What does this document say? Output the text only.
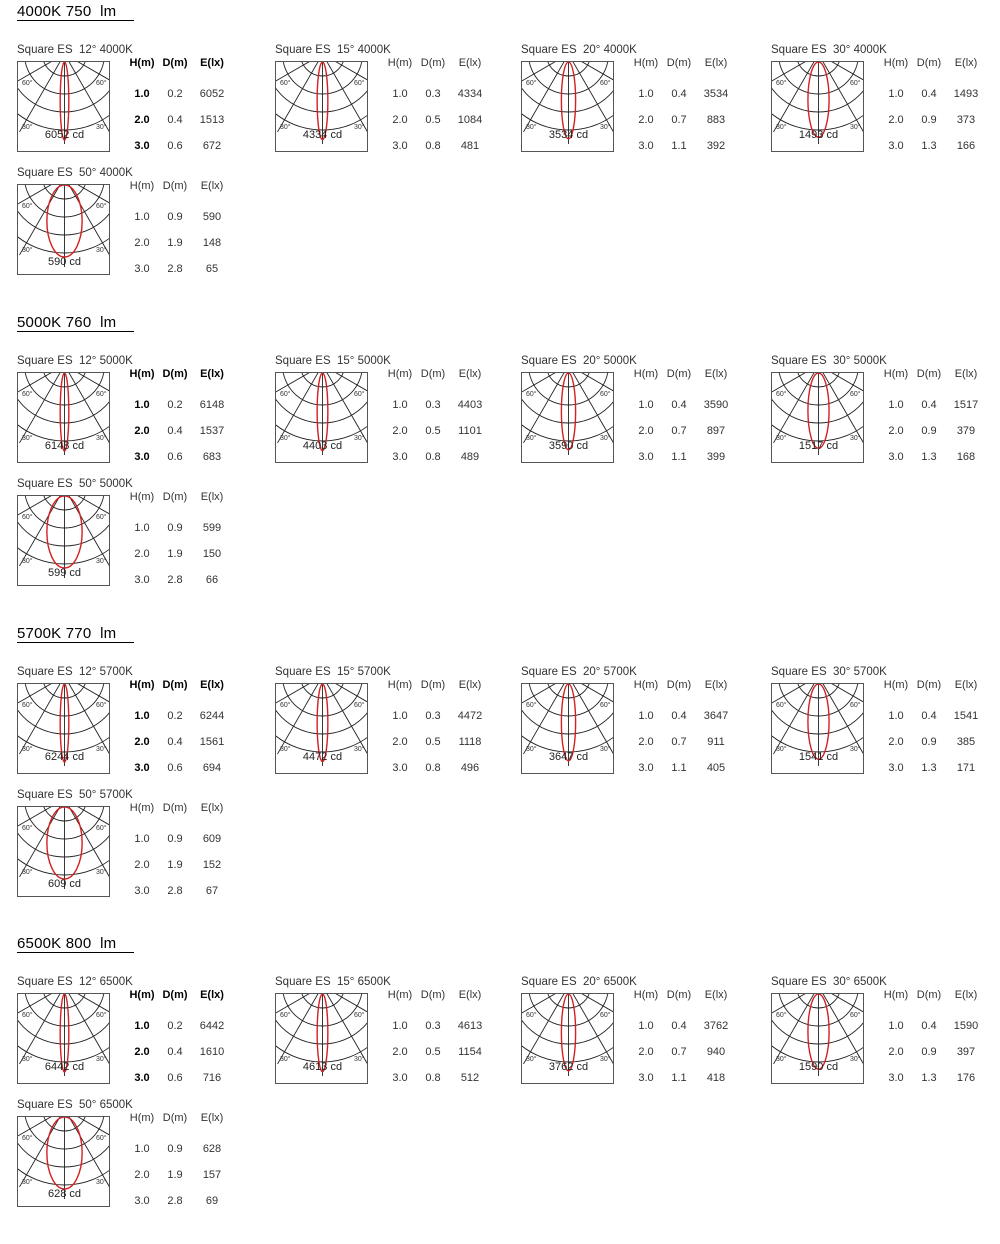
4000K 750  lm
Square ES  12° 4000K
60°	60°
30°	30°
6052 cd
H(m) D(m)	E(lx)
1.0	0.2	6052
2.0	0.4	1513
3.0	0.6	672
Square ES  15° 4000K
60°	60°
30°	30°
4334 cd
H(m) D(m)	E(lx)
1.0	0.3	4334
2.0	0.5	1084
3.0	0.8	481
Square ES  20° 4000K
60°	60°
30°	30°
3534 cd
H(m) D(m)	E(lx)
1.0	0.4	3534
2.0	0.7	883
3.0	1.1	392
Square ES  30° 4000K
60°	60°
30°	30°
1493 cd
H(m) D(m)	E(lx)
1.0	0.4	1493
2.0	0.9	373
3.0	1.3	166
Square ES  50° 4000K
60°	60°
30°	30°
590 cd
H(m) D(m)	E(lx)
1.0	0.9	590
2.0	1.9	148
3.0	2.8	65
5000K 760  lm
Square ES  12° 5000K
60°	60°
30°	30°
6148 cd
H(m) D(m)	E(lx)
1.0	0.2	6148
2.0	0.4	1537
3.0	0.6	683
Square ES  15° 5000K
60°	60°
30°	30°
4403 cd
H(m) D(m)	E(lx)
1.0	0.3	4403
2.0	0.5	1101
3.0	0.8	489
Square ES  20° 5000K
60°	60°
30°	30°
3590 cd
H(m) D(m)	E(lx)
1.0	0.4	3590
2.0	0.7	897
3.0	1.1	399
Square ES  30° 5000K
60°	60°
30°	30°
1517 cd
H(m) D(m)	E(lx)
1.0	0.4	1517
2.0	0.9	379
3.0	1.3	168
Square ES  50° 5000K
60°	60°
30°	30°
599 cd
H(m) D(m)	E(lx)
1.0	0.9	599
2.0	1.9	150
3.0	2.8	66
5700K 770  lm
Square ES  12° 5700K
60°	60°
30°	30°
6244 cd
H(m) D(m)	E(lx)
1.0	0.2	6244
2.0	0.4	1561
3.0	0.6	694
Square ES  15° 5700K
60°	60°
30°	30°
4472 cd
H(m) D(m)	E(lx)
1.0	0.3	4472
2.0	0.5	1118
3.0	0.8	496
Square ES  20° 5700K
60°	60°
30°	30°
3647 cd
H(m) D(m)	E(lx)
1.0	0.4	3647
2.0	0.7	911
3.0	1.1	405
Square ES  30° 5700K
60°	60°
30°	30°
1541 cd
H(m) D(m)	E(lx)
1.0	0.4	1541
2.0	0.9	385
3.0	1.3	171
Square ES  50° 5700K
60°	60°
30°	30°
609 cd
H(m) D(m)	E(lx)
1.0	0.9	609
2.0	1.9	152
3.0	2.8	67
6500K 800  lm
Square ES  12° 6500K
60°	60°
30°	30°
6442 cd
H(m) D(m)	E(lx)
1.0	0.2	6442
2.0	0.4	1610
3.0	0.6	716
Square ES  15° 6500K
60°	60°
30°	30°
4613 cd
H(m) D(m)	E(lx)
1.0	0.3	4613
2.0	0.5	1154
3.0	0.8	512
Square ES  20° 6500K
60°	60°
30°	30°
3762 cd
H(m) D(m)	E(lx)
1.0	0.4	3762
2.0	0.7	940
3.0	1.1	418
Square ES  30° 6500K
60°	60°
30°	30°
1590 cd
H(m) D(m)	E(lx)
1.0	0.4	1590
2.0	0.9	397
3.0	1.3	176
Square ES  50° 6500K
60°	60°
30°	30°
628 cd
H(m) D(m)	E(lx)
1.0	0.9	628
2.0	1.9	157
3.0	2.8	69
